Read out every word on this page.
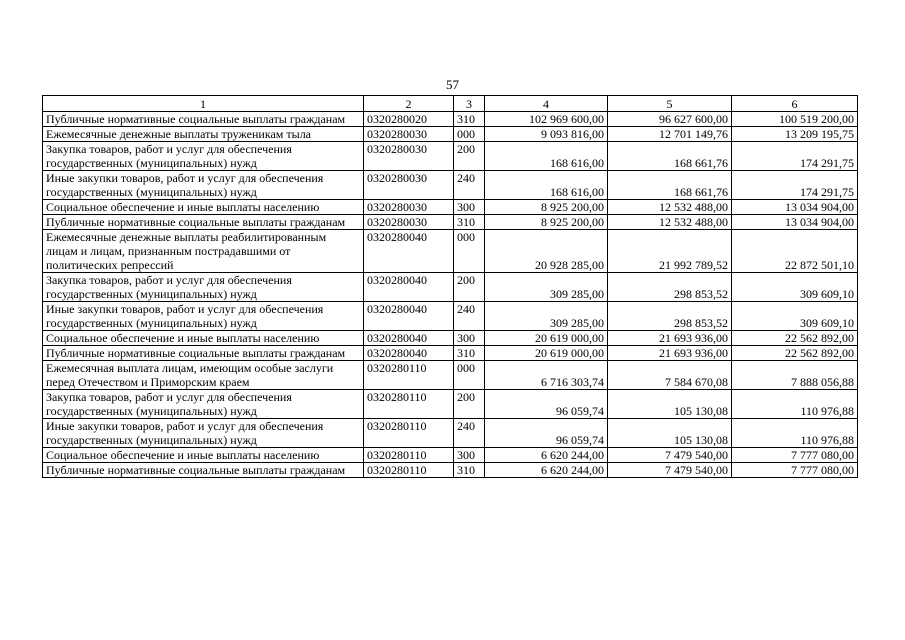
57
1	2	3	4	5	6
Публичные нормативные социальные выплаты гражданам	0320280020	310	102 969 600,00	96 627 600,00	100 519 200,00
Ежемесячные денежные выплаты труженикам тыла	0320280030	000	9 093 816,00	12 701 149,76	13 209 195,75
Закупка товаров, работ и услуг для обеспечения государственных (муниципальных) нужд	0320280030	200	168 616,00	168 661,76	174 291,75
Иные закупки товаров, работ и услуг для обеспечения государственных (муниципальных) нужд	0320280030	240	168 616,00	168 661,76	174 291,75
Социальное обеспечение и иные выплаты населению	0320280030	300	8 925 200,00	12 532 488,00	13 034 904,00
Публичные нормативные социальные выплаты гражданам	0320280030	310	8 925 200,00	12 532 488,00	13 034 904,00
Ежемесячные денежные выплаты реабилитированным лицам и лицам, признанным пострадавшими от политических репрессий	0320280040	000	20 928 285,00	21 992 789,52	22 872 501,10
Закупка товаров, работ и услуг для обеспечения государственных (муниципальных) нужд	0320280040	200	309 285,00	298 853,52	309 609,10
Иные закупки товаров, работ и услуг для обеспечения государственных (муниципальных) нужд	0320280040	240	309 285,00	298 853,52	309 609,10
Социальное обеспечение и иные выплаты населению	0320280040	300	20 619 000,00	21 693 936,00	22 562 892,00
Публичные нормативные социальные выплаты гражданам	0320280040	310	20 619 000,00	21 693 936,00	22 562 892,00
Ежемесячная выплата лицам, имеющим особые заслуги перед Отечеством и Приморским краем	0320280110	000	6 716 303,74	7 584 670,08	7 888 056,88
Закупка товаров, работ и услуг для обеспечения государственных (муниципальных) нужд	0320280110	200	96 059,74	105 130,08	110 976,88
Иные закупки товаров, работ и услуг для обеспечения государственных (муниципальных) нужд	0320280110	240	96 059,74	105 130,08	110 976,88
Социальное обеспечение и иные выплаты населению	0320280110	300	6 620 244,00	7 479 540,00	7 777 080,00
Публичные нормативные социальные выплаты гражданам	0320280110	310	6 620 244,00	7 479 540,00	7 777 080,00
